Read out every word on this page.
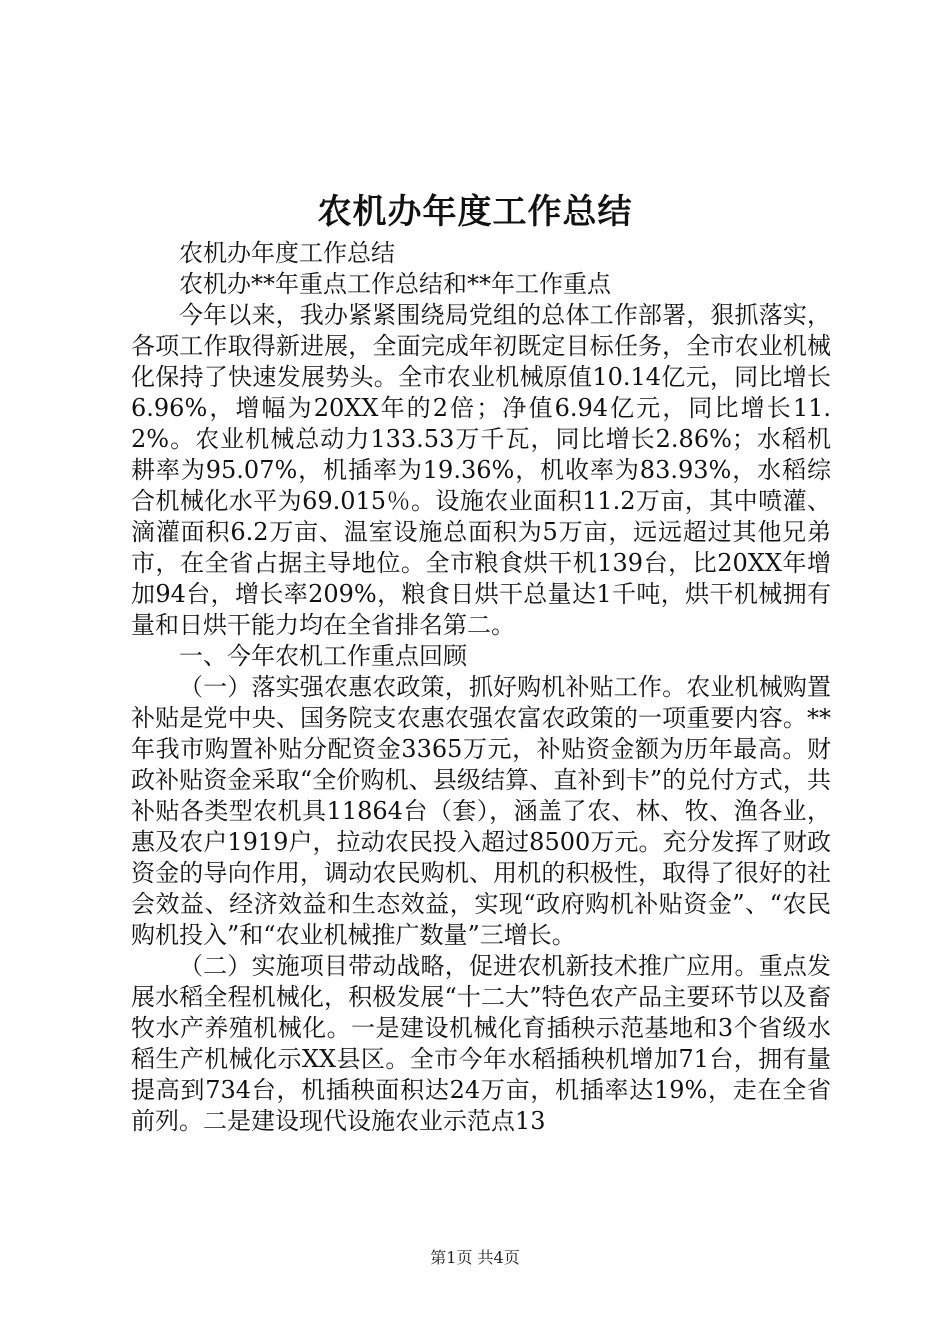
农机办年度工作总结

农机办年度工作总结

农机办**年重点工作总结和**年工作重点

今年以来，我办紧紧围绕局党组的总体工作部署，狠抓落实，各项工作取得新进展，全面完成年初既定目标任务，全市农业机械化保持了快速发展势头。全市农业机械原值10.14亿元，同比增长6.96%，增幅为20XX年的2倍；净值6.94亿元，同比增长11.2%。农业机械总动力133.53万千瓦，同比增长2.86%；水稻机耕率为95.07%，机插率为19.36%，机收率为83.93%，水稻综合机械化水平为69.015％。设施农业面积11.2万亩，其中喷灌、滴灌面积6.2万亩、温室设施总面积为5万亩，远远超过其他兄弟市，在全省占据主导地位。全市粮食烘干机139台，比20XX年增加94台，增长率209%，粮食日烘干总量达1千吨，烘干机械拥有量和日烘干能力均在全省排名第二。

一、今年农机工作重点回顾

（一）落实强农惠农政策，抓好购机补贴工作。农业机械购置补贴是党中央、国务院支农惠农强农富农政策的一项重要内容。**年我市购置补贴分配资金3365万元，补贴资金额为历年最高。财政补贴资金采取“全价购机、县级结算、直补到卡”的兑付方式，共补贴各类型农机具11864台（套），涵盖了农、林、牧、渔各业，惠及农户1919户，拉动农民投入超过8500万元。充分发挥了财政资金的导向作用，调动农民购机、用机的积极性，取得了很好的社会效益、经济效益和生态效益，实现“政府购机补贴资金”、“农民购机投入”和“农业机械推广数量”三增长。

（二）实施项目带动战略，促进农机新技术推广应用。重点发展水稻全程机械化，积极发展“十二大”特色农产品主要环节以及畜牧水产养殖机械化。一是建设机械化育插秧示范基地和3个省级水稻生产机械化示XX县区。全市今年水稻插秧机增加71台，拥有量提高到734台，机插秧面积达24万亩，机插率达19%，走在全省前列。二是建设现代设施农业示范点13

第1页 共4页
